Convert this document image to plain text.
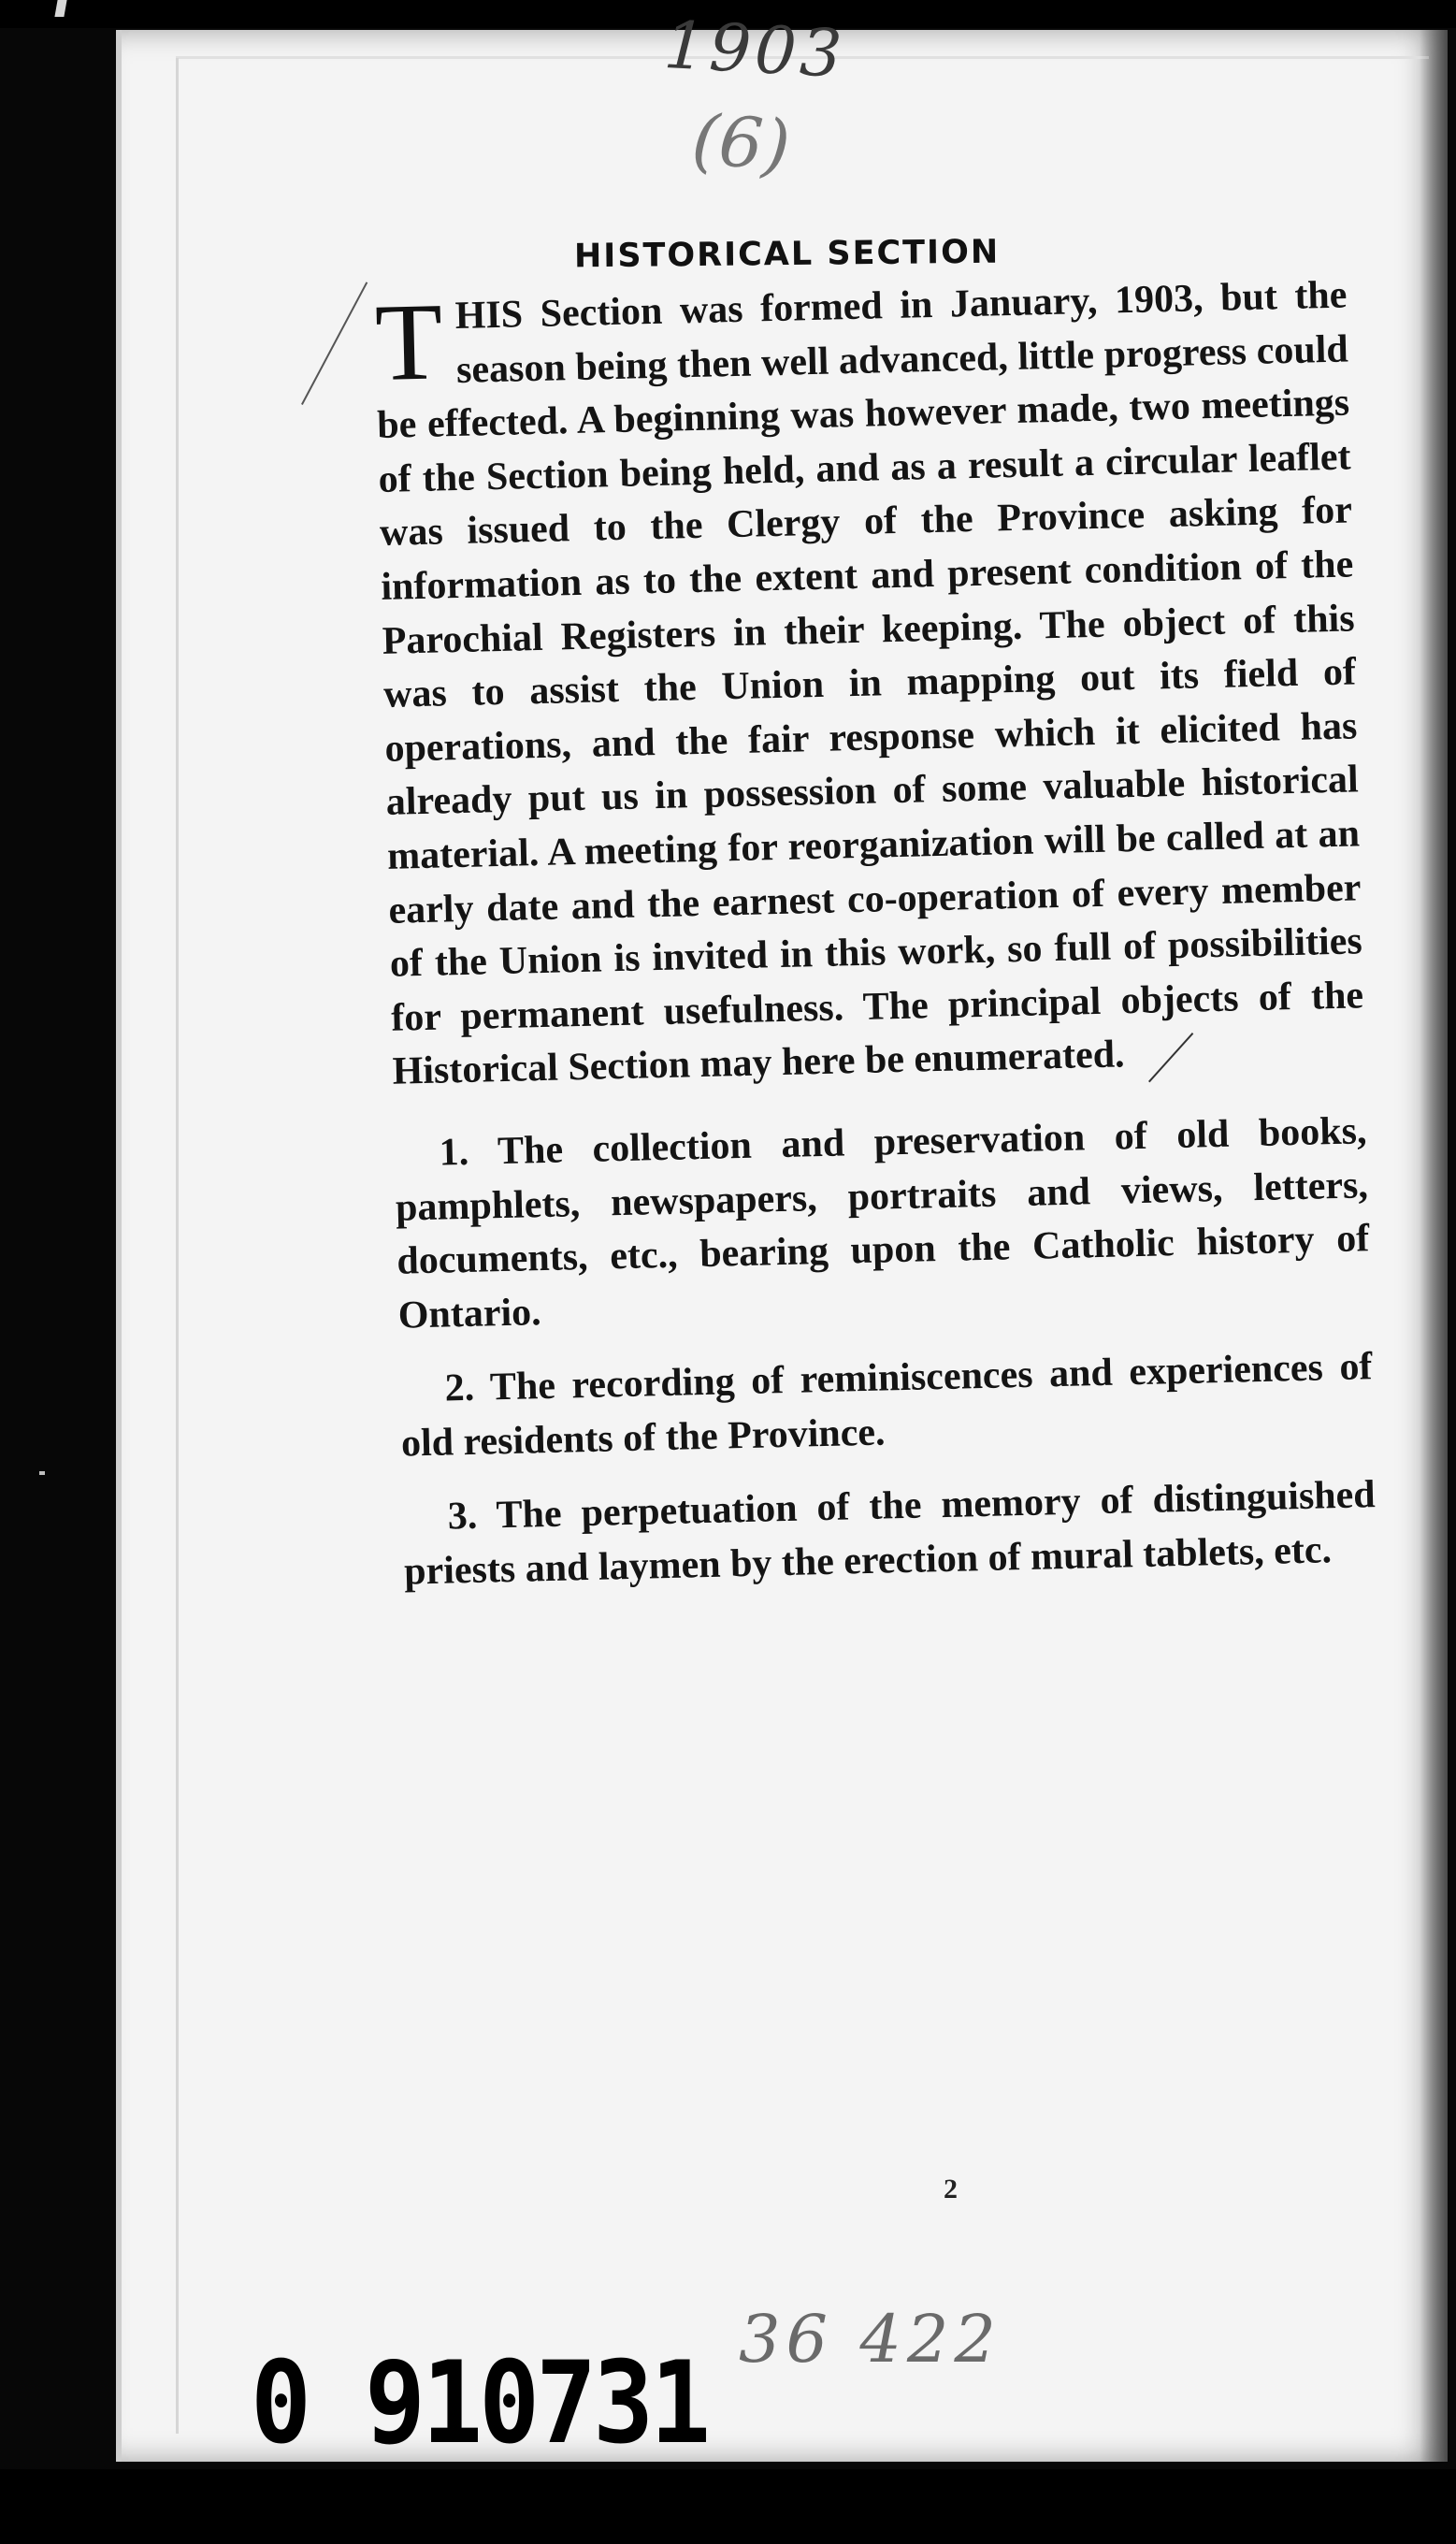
1903
(6)
HISTORICAL SECTION

THIS Section was formed in January, 1903, but the season being then well advanced, little progress could be effected. A beginning was however made, two meetings of the Section being held, and as a result a circular leaflet was issued to the Clergy of the Province asking for information as to the extent and present condition of the Parochial Registers in their keeping. The object of this was to assist the Union in mapping out its field of operations, and the fair response which it elicited has already put us in possession of some valuable historical material. A meeting for reorganization will be called at an early date and the earnest co-operation of every member of the Union is invited in this work, so full of possibilities for permanent usefulness. The principal objects of the Historical Section may here be enumerated.

1. The collection and preservation of old books, pamphlets, newspapers, portraits and views, letters, documents, etc., bearing upon the Catholic history of Ontario.

2. The recording of reminiscences and experiences of old residents of the Province.

3. The perpetuation of the memory of distinguished priests and laymen by the erection of mural tablets, etc.

2
0 910731 36 422
